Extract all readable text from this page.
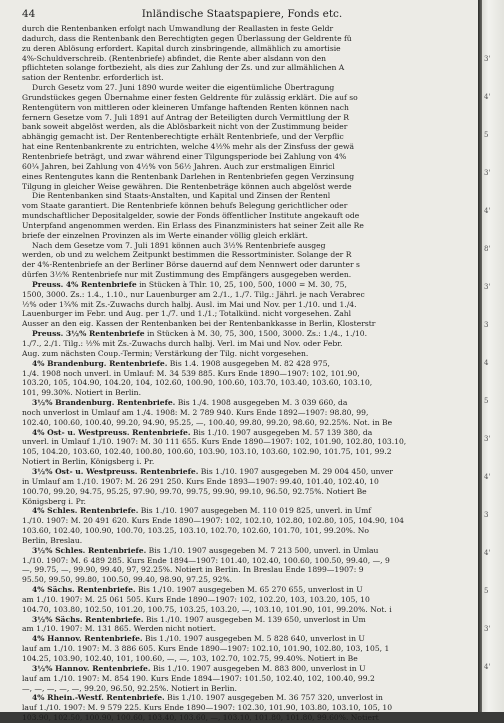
44	Inländische Staatspapiere, Fonds etc.
durch die Rentenbanken erfolgt nach Umwandlung der Reallasten in feste Geldr
dadurch, dass die Rentenbank den Berechtigten gegen Überlassung der Geldrente fü
zu deren Ablösung erfordert. Kapital durch zinsbringende, allmählich zu amortisie
4%-Schuldverschreib. (Rentenbriefe) abfindet, die Rente aber alsdann von den
pflichteten solange fortbezieht, als dies zur Zahlung der Zs. und zur allmählichen A
sation der Rentenbr. erforderlich ist.
Durch Gesetz vom 27. Juni 1890 wurde weiter die eigentümliche Übertragung
Grundstückes gegen Übernahme einer festen Geldrente für zulässig erklärt. Die auf so
Rentengütern von mittleren oder kleineren Umfange haftenden Renten können nach
fernern Gesetze vom 7. Juli 1891 auf Antrag der Beteiligten durch Vermittlung der R
bank soweit abgelöst werden, als die Ablösbarkeit nicht von der Zustimmung beider
abhängig gemacht ist. Der Rentenberechtigte erhält Rentenbriefe, und der Verpflic
hat eine Rentenbankrente zu entrichten, welche 4½% mehr als der Zinsfuss der gewä
Rentenbriefe beträgt, und zwar während einer Tilgungsperiode bei Zahlung von 4%
60¼ Jahren, bei Zahlung von 4½% von 56½ Jahren. Auch zur erstmaligen Einricl
eines Rentengutes kann die Rentenbank Darlehen in Rentenbriefen gegen Verzinsung
Tilgung in gleicher Weise gewähren. Die Rentenbeträge können auch abgelöst werde
Die Rentenbanken sind Staats-Anstalten, und Kapital und Zinsen der Rentenl
vom Staate garantiert. Die Rentenbriefe können behufs Belegung gerichtlicher oder
mundschaftlicher Depositalgelder, sowie der Fonds öffentlicher Institute angekauft ode
Unterpfand angenommen werden. Ein Erlass des Finanzministers hat seiner Zeit alle Re
briefe der einzelnen Provinzen als im Werte einander völlig gleich erklärt.
Nach dem Gesetze vom 7. Juli 1891 können auch 3½% Rentenbriefe ausgeg
werden, ob und zu welchem Zeitpunkt bestimmen die Ressortminister. Solange der R
der 4%-Rentenbriefe an der Berliner Börse dauernd auf dem Nennwert oder darunter s
dürfen 3½% Rentenbriefe nur mit Zustimmung des Empfängers ausgegeben werden.
Preuss. 4% Rentenbriefe in Stücken à Thlr. 10, 25, 100, 500, 1000 = M. 30, 75,
1500, 3000. Zs.: 1.4., 1.10., nur Lauenburger am 2./1., 1./7. Tilg.: Jährl. je nach Verabrec
½% oder 1¾% mit Zs.-Zuwachs durch halbj. Ausl. im Mai und Nov. per 1./10. und 1./4.
Lauenburger im Febr. und Aug. per 1./7. und 1./1.; Totalkünd. nicht vorgesehen. Zahl
Ausser an den eig. Kassen der Rentenbanken bei der Rentenbankkasse in Berlin, Klosterstr
Preuss. 3½% Rentenbriefe in Stücken à M. 30, 75, 300, 1500, 3000. Zs.: 1./4., 1./10.
1./7., 2./1. Tilg.: ½% mit Zs.-Zuwachs durch halbj. Verl. im Mai und Nov. oder Febr.
Aug. zum nächsten Coup.-Termin; Verstärkung der Tilg. nicht vorgesehen.
4% Brandenburg. Rentenbriefe. Bis 1.4. 1908 ausgegeben M. 82 428 975,
1./4. 1908 noch unverl. in Umlauf: M. 34 539 885. Kurs Ende 1890—1907: 102, 101.90,
103.20, 105, 104.90, 104.20, 104, 102.60, 100.90, 100.60, 103.70, 103.40, 103.60, 103.10,
101, 99.30%. Notiert in Berlin.
3½% Brandenburg. Rentenbriefe. Bis 1./4. 1908 ausgegeben M. 3 039 660, da
noch unverlost in Umlauf am 1./4. 1908: M. 2 789 940. Kurs Ende 1892—1907: 98.80, 99,
102.40, 100.60, 100.40, 99.20, 94.90, 95.25, —, 100.40, 99.80, 99.20, 98.60, 92.25%. Not. in Be
4% Ost- u. Westpreuss. Rentenbriefe. Bis 1./10. 1907 ausgegeben M. 57 139 380, da
unverl. in Umlauf 1./10. 1907: M. 30 111 655. Kurs Ende 1890—1907: 102, 101.90, 102.80, 103.10,
105, 104.20, 103.60, 102.40, 100.80, 100.60, 103.90, 103.10, 103.60, 102.90, 101.75, 101, 99.2
Notiert in Berlin, Königsberg i. Pr.
3½% Ost- u. Westpreuss. Rentenbriefe. Bis 1./10. 1907 ausgegeben M. 29 004 450, unver
in Umlauf am 1./10. 1907: M. 26 291 250. Kurs Ende 1893—1907: 99.40, 101.40, 102.40, 10
100.70, 99.20, 94.75, 95.25, 97.90, 99.70, 99.75, 99.90, 99.10, 96.50, 92.75%. Notiert Be
Königsberg i. Pr.
4% Schles. Rentenbriefe. Bis 1./10. 1907 ausgegeben M. 110 019 825, unverl. in Umf
1./10. 1907: M. 20 491 620. Kurs Ende 1890—1907: 102, 102.10, 102.80, 102.80, 105, 104.90, 104
103.60, 102.40, 100.90, 100.70, 103.25, 103.10, 102.70, 102.60, 101.70, 101, 99.20%. No
Berlin, Breslau.
3½% Schles. Rentenbriefe. Bis 1./10. 1907 ausgegeben M. 7 213 500, unverl. in Umlau
1./10. 1907: M. 6 489 285. Kurs Ende 1894—1907: 101.40, 102.40, 100.60, 100.50, 99.40, —, 9
—, 99.75, —, 99.90, 99.40, 97, 92.25%. Notiert in Berlin. In Breslau Ende 1899—1907: 9
95.50, 99.50, 99.80, 100.50, 99.40, 98.90, 97.25, 92%.
4% Sächs. Rentenbriefe. Bis 1./10. 1907 ausgegeben M. 65 270 655, unverlost in U
am 1./10. 1907: M. 25 061 505. Kurs Ende 1890—1907: 102, 102.20, 103, 103.20, 105, 10
104.70, 103.80, 102.50, 101.20, 100.75, 103.25, 103.20, —, 103.10, 101.90, 101, 99.20%. Not. i
3½% Sächs. Rentenbriefe. Bis 1./10. 1907 ausgegeben M. 139 650, unverlost in Um
am 1./10. 1907: M. 131 865. Werden nicht notiert.
4% Hannov. Rentenbriefe. Bis 1./10. 1907 ausgegeben M. 5 828 640, unverlost in U
lauf am 1./10. 1907: M. 3 886 605. Kurs Ende 1890—1907: 102.10, 101.90, 102.80, 103, 105, 1
104.25, 103.90, 102.40, 101, 100.60, —, —, 103, 102.70, 102.75, 99.40%. Notiert in Be
3½% Hannov. Rentenbriefe. Bis 1./10. 1907 ausgegeben M. 883 800, unverlost in U
lauf am 1./10. 1907: M. 854 190. Kurs Ende 1894—1907: 101.50, 102.40, 102, 100.40, 99.2
—, —, —, —, —, 99.20, 96.50, 92.25%. Notiert in Berlin.
4% Rhein.-Westf. Rentenbriefe. Bis 1./10. 1907 ausgegeben M. 36 757 320, unverlost in
lauf 1./10. 1907: M. 9 579 225. Kurs Ende 1890—1907: 102.30, 101.90, 103.80, 103.10, 105, 10
103.90, 102.50, 100.90, 100.60, 103.40, 103.60, —, 103.10, 101.80, 101.80, 99.60%. Notiert
3'
4'
5
3'
4'
8'
3'
3
4
5
3'
4'
3
4'
5
3'
4'
